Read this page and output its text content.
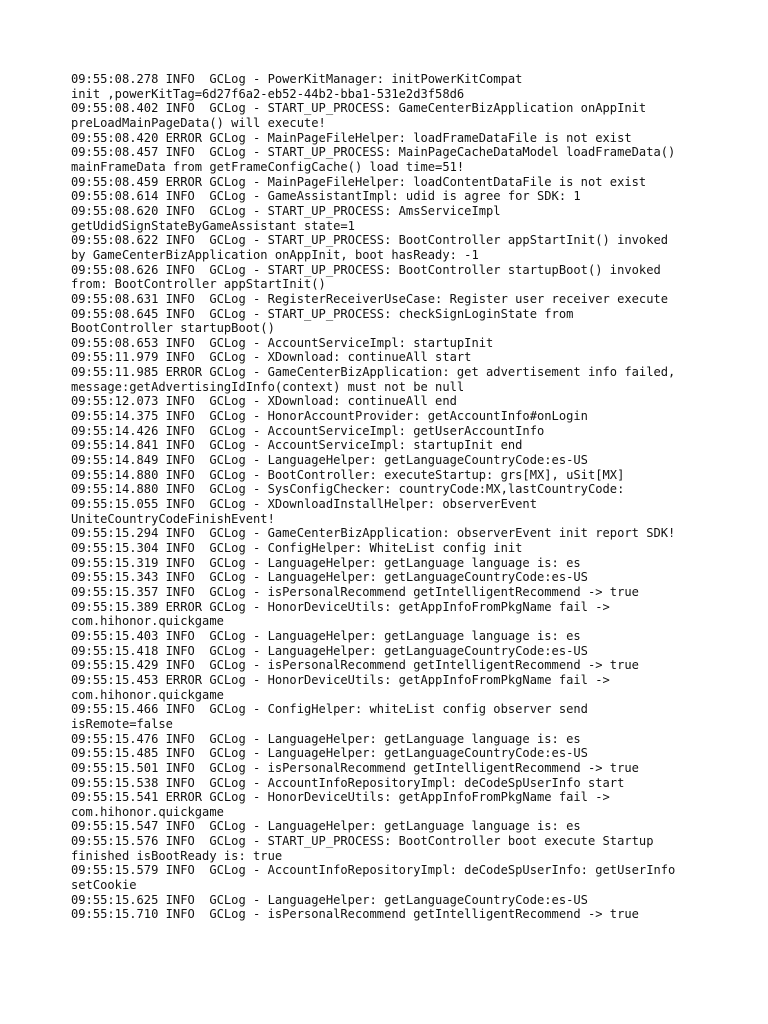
09:55:08.278 INFO  GCLog - PowerKitManager: initPowerKitCompat
init ,powerKitTag=6d27f6a2-eb52-44b2-bba1-531e2d3f58d6
09:55:08.402 INFO  GCLog - START_UP_PROCESS: GameCenterBizApplication onAppInit
preLoadMainPageData() will execute!
09:55:08.420 ERROR GCLog - MainPageFileHelper: loadFrameDataFile is not exist
09:55:08.457 INFO  GCLog - START_UP_PROCESS: MainPageCacheDataModel loadFrameData()
mainFrameData from getFrameConfigCache() load time=51!
09:55:08.459 ERROR GCLog - MainPageFileHelper: loadContentDataFile is not exist
09:55:08.614 INFO  GCLog - GameAssistantImpl: udid is agree for SDK: 1
09:55:08.620 INFO  GCLog - START_UP_PROCESS: AmsServiceImpl
getUdidSignStateByGameAssistant state=1
09:55:08.622 INFO  GCLog - START_UP_PROCESS: BootController appStartInit() invoked
by GameCenterBizApplication onAppInit, boot hasReady: -1
09:55:08.626 INFO  GCLog - START_UP_PROCESS: BootController startupBoot() invoked
from: BootController appStartInit()
09:55:08.631 INFO  GCLog - RegisterReceiverUseCase: Register user receiver execute
09:55:08.645 INFO  GCLog - START_UP_PROCESS: checkSignLoginState from
BootController startupBoot()
09:55:08.653 INFO  GCLog - AccountServiceImpl: startupInit
09:55:11.979 INFO  GCLog - XDownload: continueAll start
09:55:11.985 ERROR GCLog - GameCenterBizApplication: get advertisement info failed,
message:getAdvertisingIdInfo(context) must not be null
09:55:12.073 INFO  GCLog - XDownload: continueAll end
09:55:14.375 INFO  GCLog - HonorAccountProvider: getAccountInfo#onLogin
09:55:14.426 INFO  GCLog - AccountServiceImpl: getUserAccountInfo
09:55:14.841 INFO  GCLog - AccountServiceImpl: startupInit end
09:55:14.849 INFO  GCLog - LanguageHelper: getLanguageCountryCode:es-US
09:55:14.880 INFO  GCLog - BootController: executeStartup: grs[MX], uSit[MX]
09:55:14.880 INFO  GCLog - SysConfigChecker: countryCode:MX,lastCountryCode:
09:55:15.055 INFO  GCLog - XDownloadInstallHelper: observerEvent
UniteCountryCodeFinishEvent!
09:55:15.294 INFO  GCLog - GameCenterBizApplication: observerEvent init report SDK!
09:55:15.304 INFO  GCLog - ConfigHelper: WhiteList config init
09:55:15.319 INFO  GCLog - LanguageHelper: getLanguage language is: es
09:55:15.343 INFO  GCLog - LanguageHelper: getLanguageCountryCode:es-US
09:55:15.357 INFO  GCLog - isPersonalRecommend getIntelligentRecommend -> true
09:55:15.389 ERROR GCLog - HonorDeviceUtils: getAppInfoFromPkgName fail ->
com.hihonor.quickgame
09:55:15.403 INFO  GCLog - LanguageHelper: getLanguage language is: es
09:55:15.418 INFO  GCLog - LanguageHelper: getLanguageCountryCode:es-US
09:55:15.429 INFO  GCLog - isPersonalRecommend getIntelligentRecommend -> true
09:55:15.453 ERROR GCLog - HonorDeviceUtils: getAppInfoFromPkgName fail ->
com.hihonor.quickgame
09:55:15.466 INFO  GCLog - ConfigHelper: whiteList config observer send
isRemote=false
09:55:15.476 INFO  GCLog - LanguageHelper: getLanguage language is: es
09:55:15.485 INFO  GCLog - LanguageHelper: getLanguageCountryCode:es-US
09:55:15.501 INFO  GCLog - isPersonalRecommend getIntelligentRecommend -> true
09:55:15.538 INFO  GCLog - AccountInfoRepositoryImpl: deCodeSpUserInfo start
09:55:15.541 ERROR GCLog - HonorDeviceUtils: getAppInfoFromPkgName fail ->
com.hihonor.quickgame
09:55:15.547 INFO  GCLog - LanguageHelper: getLanguage language is: es
09:55:15.576 INFO  GCLog - START_UP_PROCESS: BootController boot execute Startup
finished isBootReady is: true
09:55:15.579 INFO  GCLog - AccountInfoRepositoryImpl: deCodeSpUserInfo: getUserInfo
setCookie
09:55:15.625 INFO  GCLog - LanguageHelper: getLanguageCountryCode:es-US
09:55:15.710 INFO  GCLog - isPersonalRecommend getIntelligentRecommend -> true
